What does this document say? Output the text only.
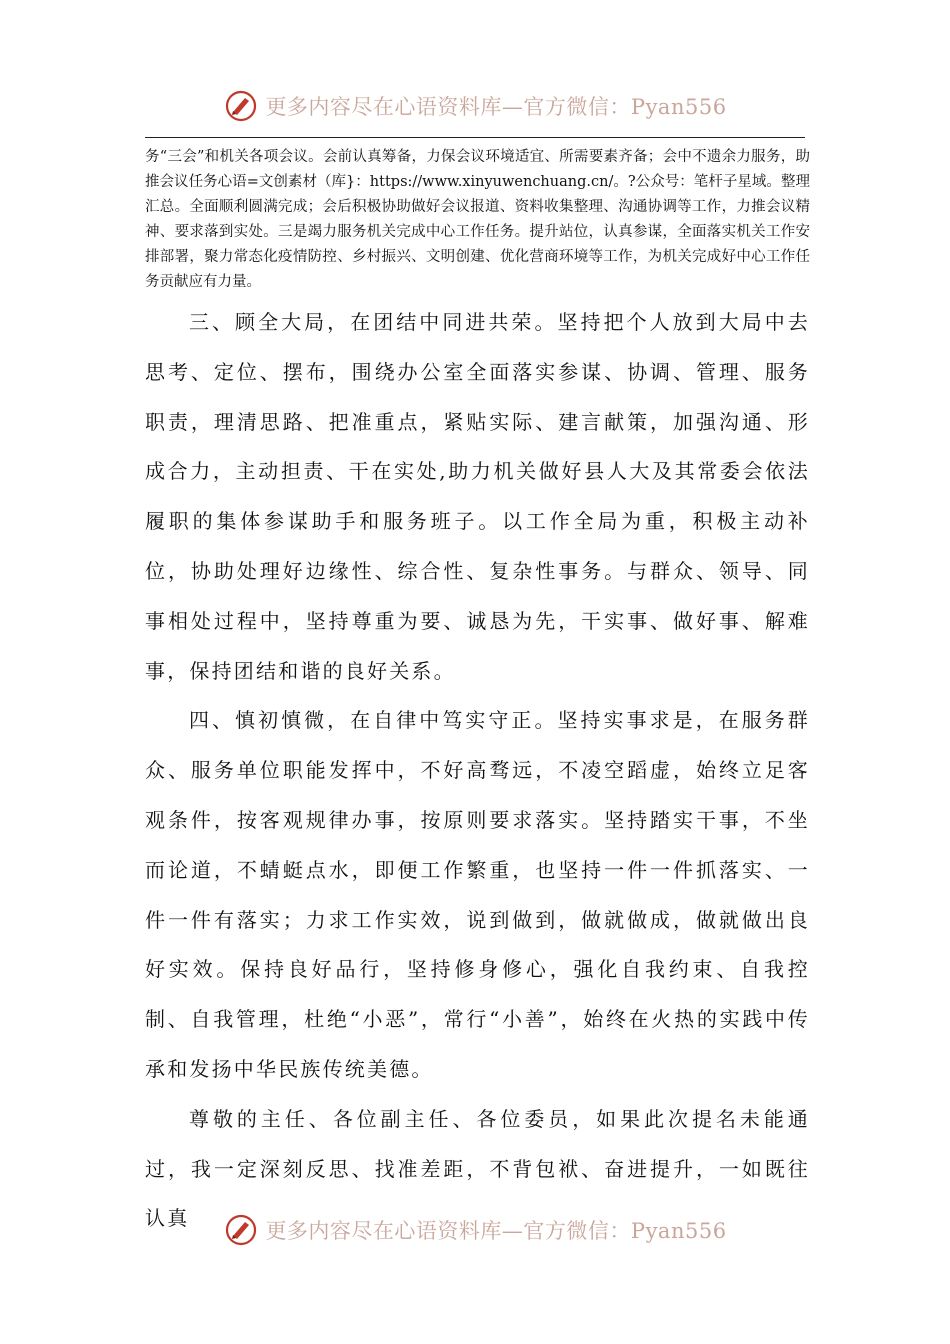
更多内容尽在心语资料库—官方微信：Pyan556
务“三会”和机关各项会议。会前认真筹备，力保会议环境适宜、所需要素齐备；会中不遗余力服务，助推会议任务心语=文创素材（库}：https://www.xinyuwenchuang.cn/。?公众号：笔杆子星域。整理汇总。全面顺利圆满完成；会后积极协助做好会议报道、资料收集整理、沟通协调等工作，力推会议精神、要求落到实处。三是竭力服务机关完成中心工作任务。提升站位，认真参谋，全面落实机关工作安排部署，聚力常态化疫情防控、乡村振兴、文明创建、优化营商环境等工作，为机关完成好中心工作任务贡献应有力量。

三、顾全大局，在团结中同进共荣。坚持把个人放到大局中去思考、定位、摆布，围绕办公室全面落实参谋、协调、管理、服务职责，理清思路、把准重点，紧贴实际、建言献策，加强沟通、形成合力，主动担责、干在实处,助力机关做好县人大及其常委会依法履职的集体参谋助手和服务班子。以工作全局为重，积极主动补位，协助处理好边缘性、综合性、复杂性事务。与群众、领导、同事相处过程中，坚持尊重为要、诚恳为先，干实事、做好事、解难事，保持团结和谐的良好关系。

四、慎初慎微，在自律中笃实守正。坚持实事求是，在服务群众、服务单位职能发挥中，不好高骛远，不凌空蹈虚，始终立足客观条件，按客观规律办事，按原则要求落实。坚持踏实干事，不坐而论道，不蜻蜓点水，即便工作繁重，也坚持一件一件抓落实、一件一件有落实；力求工作实效，说到做到，做就做成，做就做出良好实效。保持良好品行，坚持修身修心，强化自我约束、自我控制、自我管理，杜绝“小恶”，常行“小善”，始终在火热的实践中传承和发扬中华民族传统美德。

尊敬的主任、各位副主任、各位委员，如果此次提名未能通过，我一定深刻反思、找准差距，不背包袱、奋进提升，一如既往认真

更多内容尽在心语资料库—官方微信：Pyan556
